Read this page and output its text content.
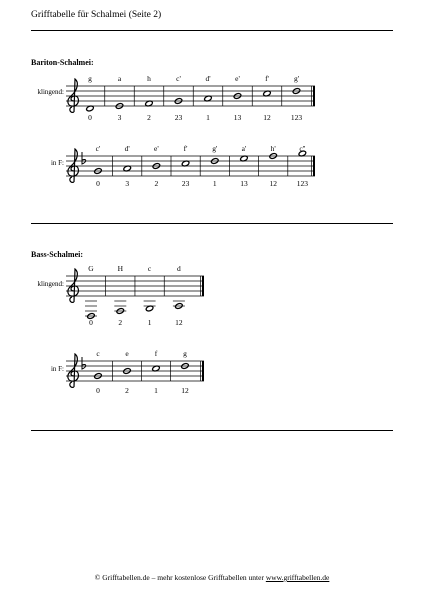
Grifftabelle für Schalmei (Seite 2)
Bariton-Schalmei:
klingend:
in F:
Bass-Schalmei:
klingend:
in F:
g
0
a
3
h
2
c'
23
d'
1
e'
13
f'
12
g'
123
c'
0
d'
3
e'
2
f'
23
g'
1
a'
13
h'
12
c''
123
G
0
H
2
c
1
d
12
c
0
e
2
f
1
g
12
© Grifftabellen.de – mehr kostenlose Grifftabellen unter www.grifftabellen.de
